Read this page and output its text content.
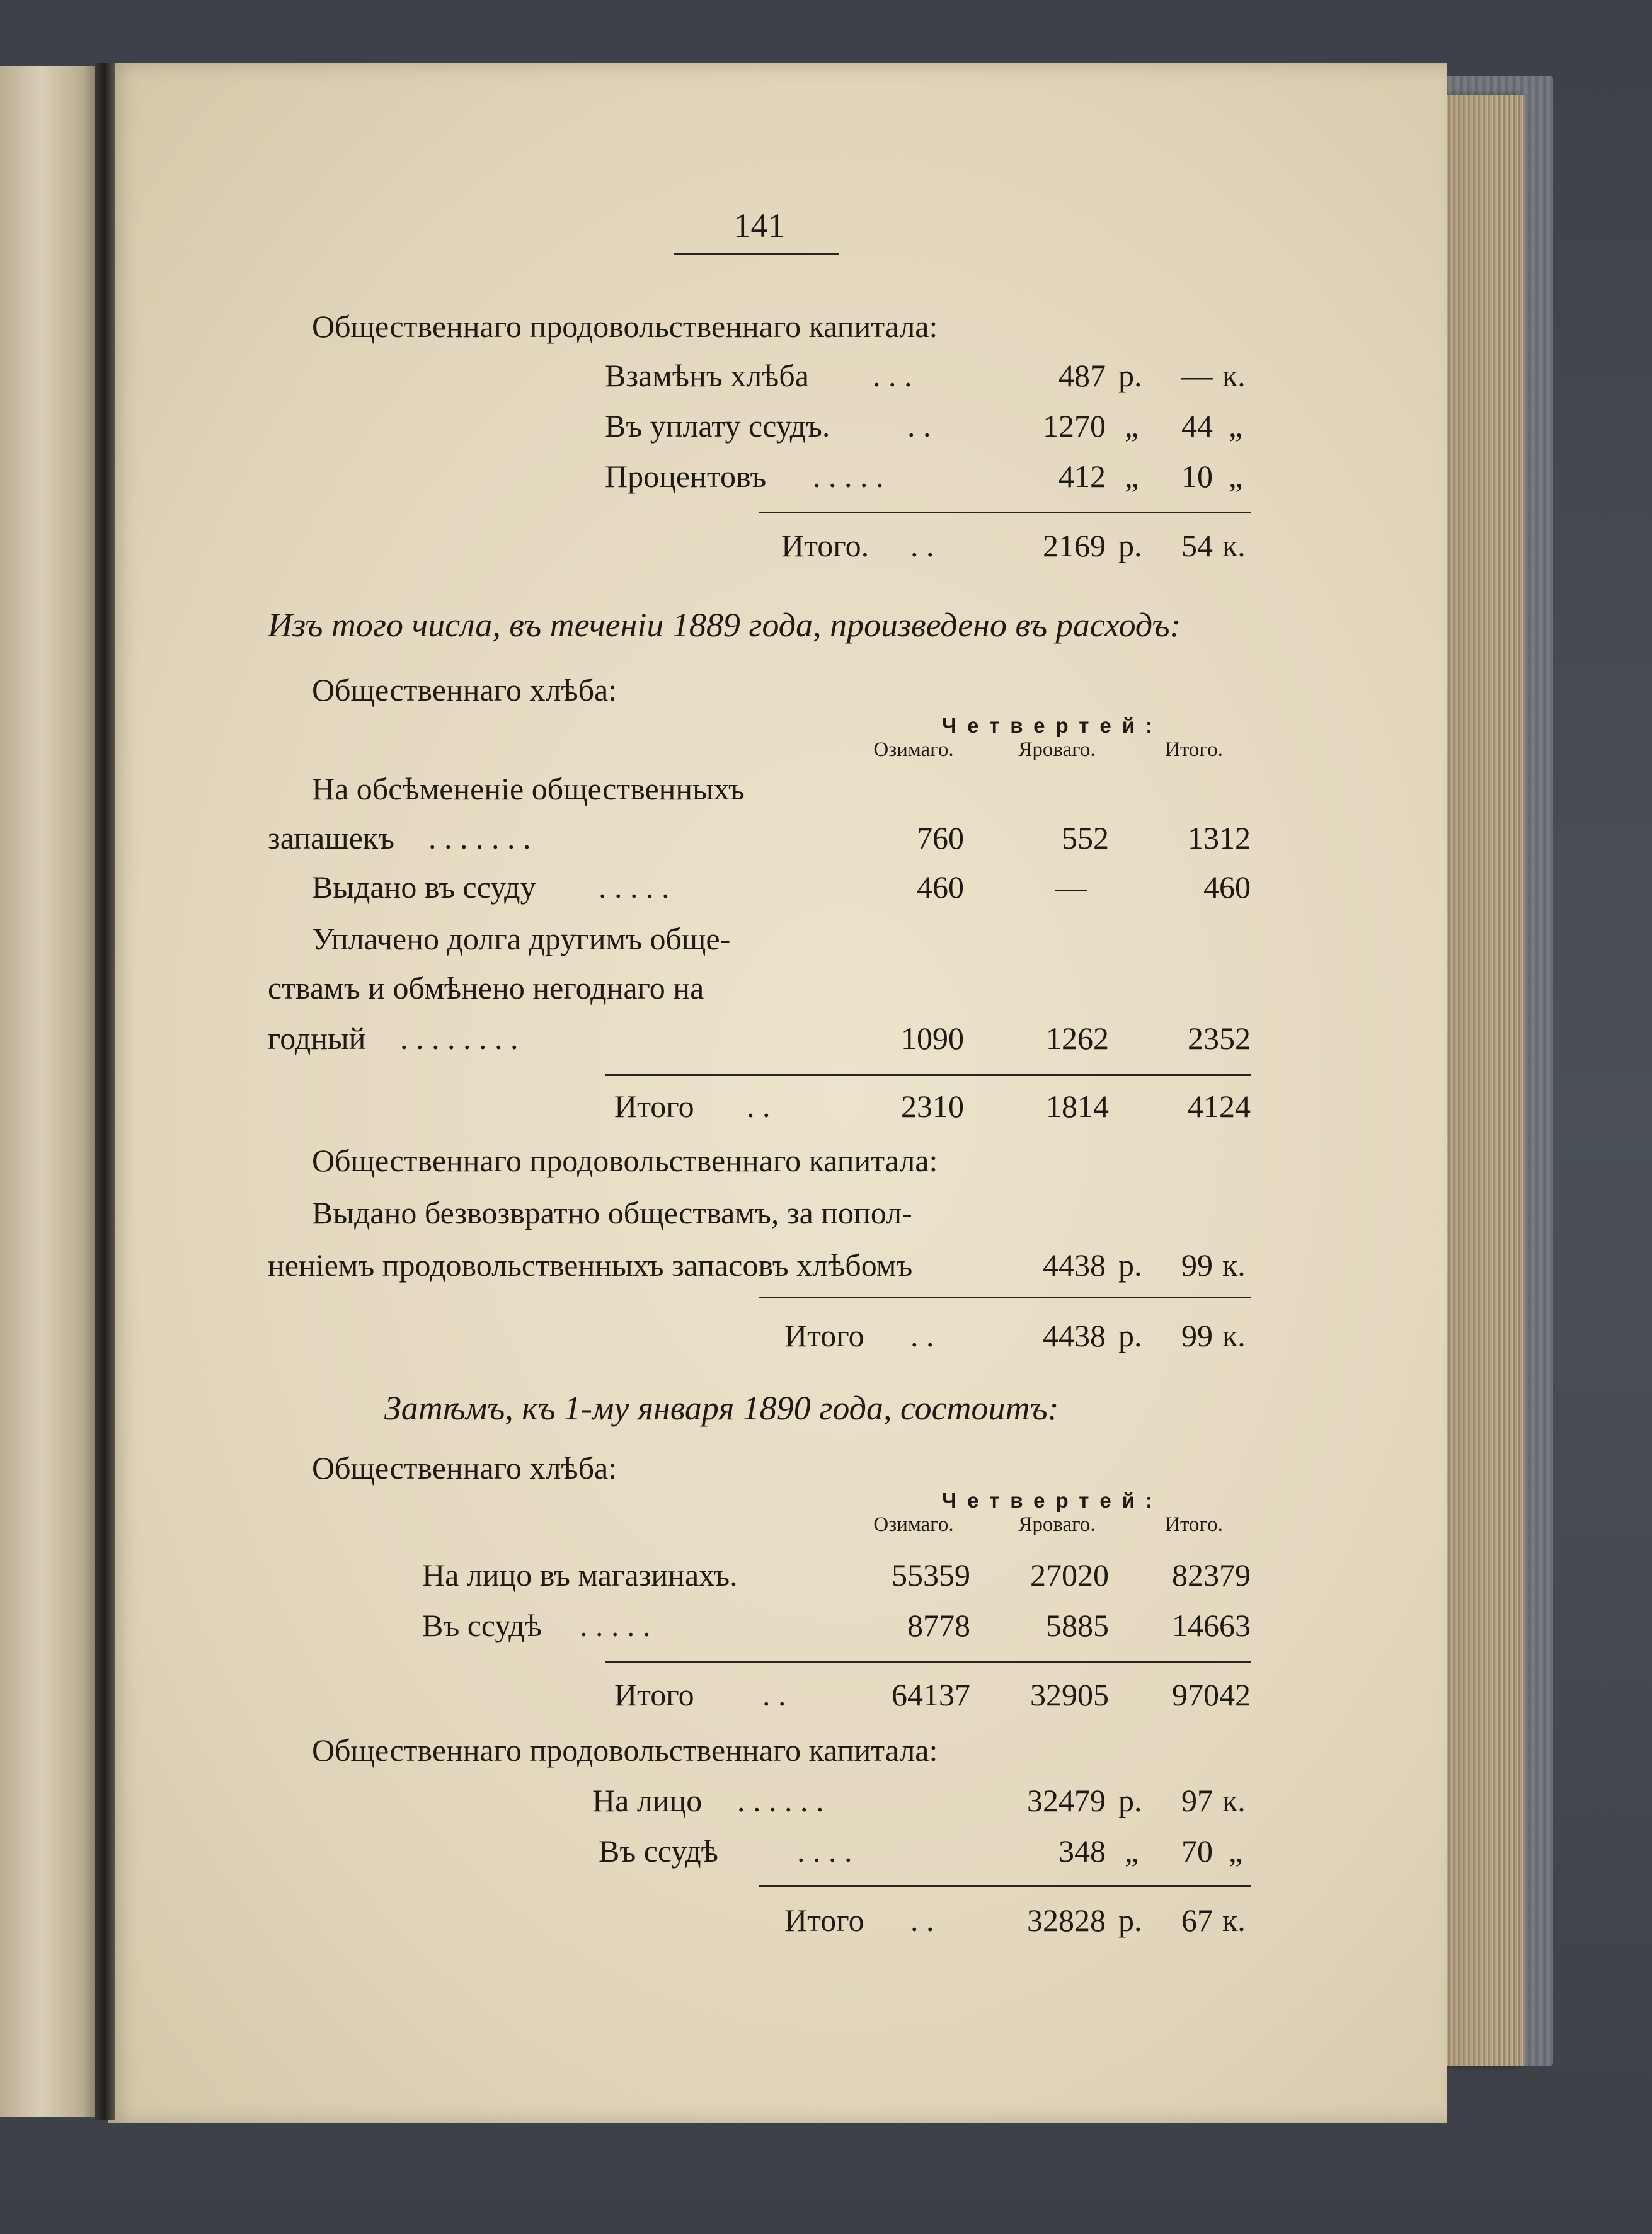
141
Общественнаго продовольственнаго капитала:
Взамѣнъ хлѣба . . .	487 р.	— к.
Въ уплату ссудъ. . .	1270 „	44 „
Процентовъ . . . . .	412 „	10 „
Итого. . .	2169 р.	54 к.
Изъ того числа, въ теченіи 1889 года, произведено въ расходъ:
Общественнаго хлѣба:
Четвертей:
Озимаго.	Яроваго.	Итого.
На обсѣмененіе общественныхъ
запашекъ . . . . . . .	760	552	1312
Выдано въ ссуду . . . . .	460	—	460
Уплачено долга другимъ обще-
ствамъ и обмѣнено негоднаго на
годный . . . . . . . .	1090	1262	2352
Итого . .	2310	1814	4124
Общественнаго продовольственнаго капитала:
Выдано безвозвратно обществамъ, за попол-
неніемъ продовольственныхъ запасовъ хлѣбомъ	4438 р.	99 к.
Итого . .	4438 р.	99 к.
Затѣмъ, къ 1-му января 1890 года, состоитъ:
Общественнаго хлѣба:
Четвертей:
Озимаго.	Яроваго.	Итого.
На лицо въ магазинахъ.	55359	27020	82379
Въ ссудѣ . . . . .	8778	5885	14663
Итого . .	64137	32905	97042
Общественнаго продовольственнаго капитала:
На лицо . . . . . .	32479 р.	97 к.
Въ ссудѣ	. . . .	348 „	70 „
Итого . .	32828 р.	67 к.
